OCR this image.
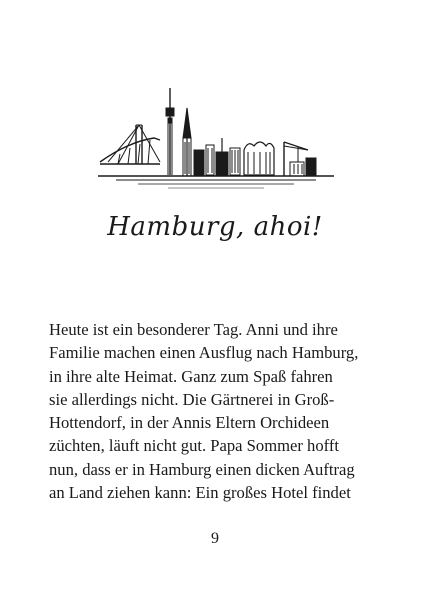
Hamburg, ahoi!

Heute ist ein besonderer Tag. Anni und ihre
Familie machen einen Ausflug nach Hamburg,
in ihre alte Heimat. Ganz zum Spaß fahren
sie allerdings nicht. Die Gärtnerei in Groß-
Hottendorf, in der Annis Eltern Orchideen
züchten, läuft nicht gut. Papa Sommer hofft
nun, dass er in Hamburg einen dicken Auftrag
an Land ziehen kann: Ein großes Hotel findet

9
